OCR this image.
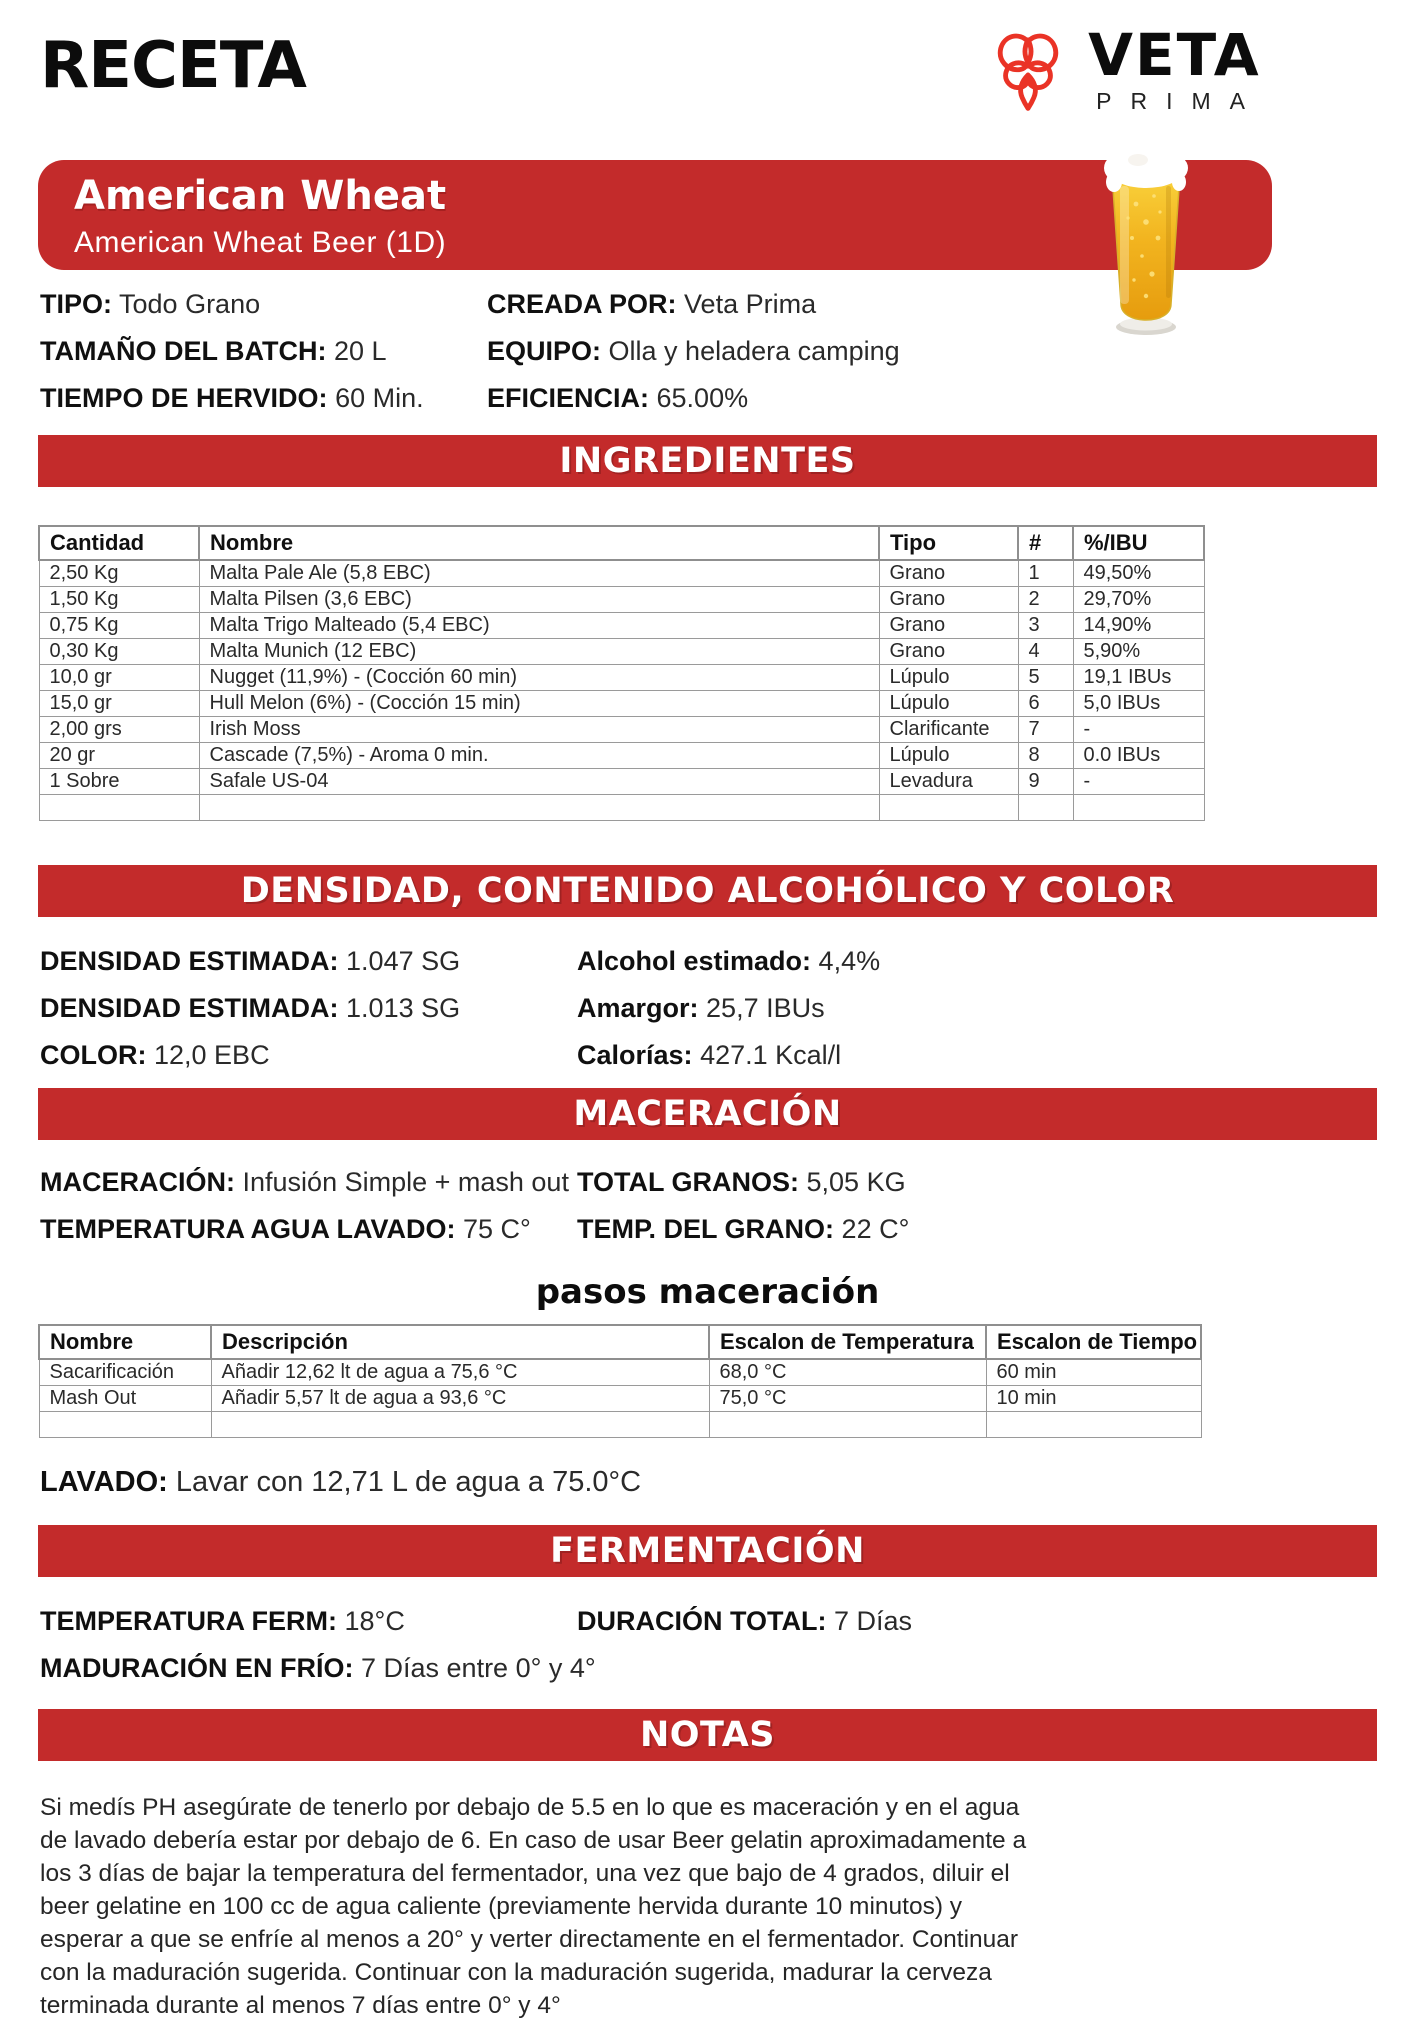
RECETA	VETA
PRIMA
American Wheat
American Wheat Beer (1D)
TIPO: Todo Grano	CREADA POR: Veta Prima
TAMAÑO DEL BATCH: 20 L	EQUIPO: Olla y heladera camping
TIEMPO DE HERVIDO: 60 Min.	EFICIENCIA: 65.00%
INGREDIENTES
Cantidad	Nombre	Tipo	#	%/IBU
2,50 Kg	Malta Pale Ale (5,8 EBC)	Grano	1	49,50%
1,50 Kg	Malta Pilsen (3,6 EBC)	Grano	2	29,70%
0,75 Kg	Malta Trigo Malteado (5,4 EBC)	Grano	3	14,90%
0,30 Kg	Malta Munich (12 EBC)	Grano	4	5,90%
10,0 gr	Nugget (11,9%) - (Cocción 60 min)	Lúpulo	5	19,1 IBUs
15,0 gr	Hull Melon (6%) - (Cocción 15 min)	Lúpulo	6	5,0 IBUs
2,00 grs	Irish Moss	Clarificante	7	-
20 gr	Cascade (7,5%) - Aroma 0 min.	Lúpulo	8	0.0 IBUs
1 Sobre	Safale US-04	Levadura	9	-

DENSIDAD, CONTENIDO ALCOHÓLICO Y COLOR
DENSIDAD ESTIMADA: 1.047 SG	Alcohol estimado: 4,4%
DENSIDAD ESTIMADA: 1.013 SG	Amargor: 25,7 IBUs
COLOR: 12,0 EBC	Calorías: 427.1 Kcal/l
MACERACIÓN
MACERACIÓN: Infusión Simple + mash out TOTAL GRANOS: 5,05 KG
TEMPERATURA AGUA LAVADO: 75 C°	TEMP. DEL GRANO: 22 C°
pasos maceración
Nombre	Descripción	Escalon de Temperatura	Escalon de Tiempo
Sacarificación	Añadir 12,62 lt de agua a 75,6 °C	68,0 °C	60 min
Mash Out	Añadir 5,57 lt de agua a 93,6 °C	75,0 °C	10 min

LAVADO: Lavar con 12,71 L de agua a 75.0°C
FERMENTACIÓN
TEMPERATURA FERM: 18°C	DURACIÓN TOTAL: 7 Días
MADURACIÓN EN FRÍO: 7 Días entre 0° y 4°
NOTAS

Si medís PH asegúrate de tenerlo por debajo de 5.5 en lo que es maceración y en el agua de lavado debería estar por debajo de 6. En caso de usar Beer gelatin aproximadamente a los 3 días de bajar la temperatura del fermentador, una vez que bajo de 4 grados, diluir el beer gelatine en 100 cc de agua caliente (previamente hervida durante 10 minutos) y esperar a que se enfríe al menos a 20° y verter directamente en el fermentador. Continuar con la maduración sugerida. Continuar con la maduración sugerida, madurar la cerveza terminada durante al menos 7 días entre 0° y 4°
